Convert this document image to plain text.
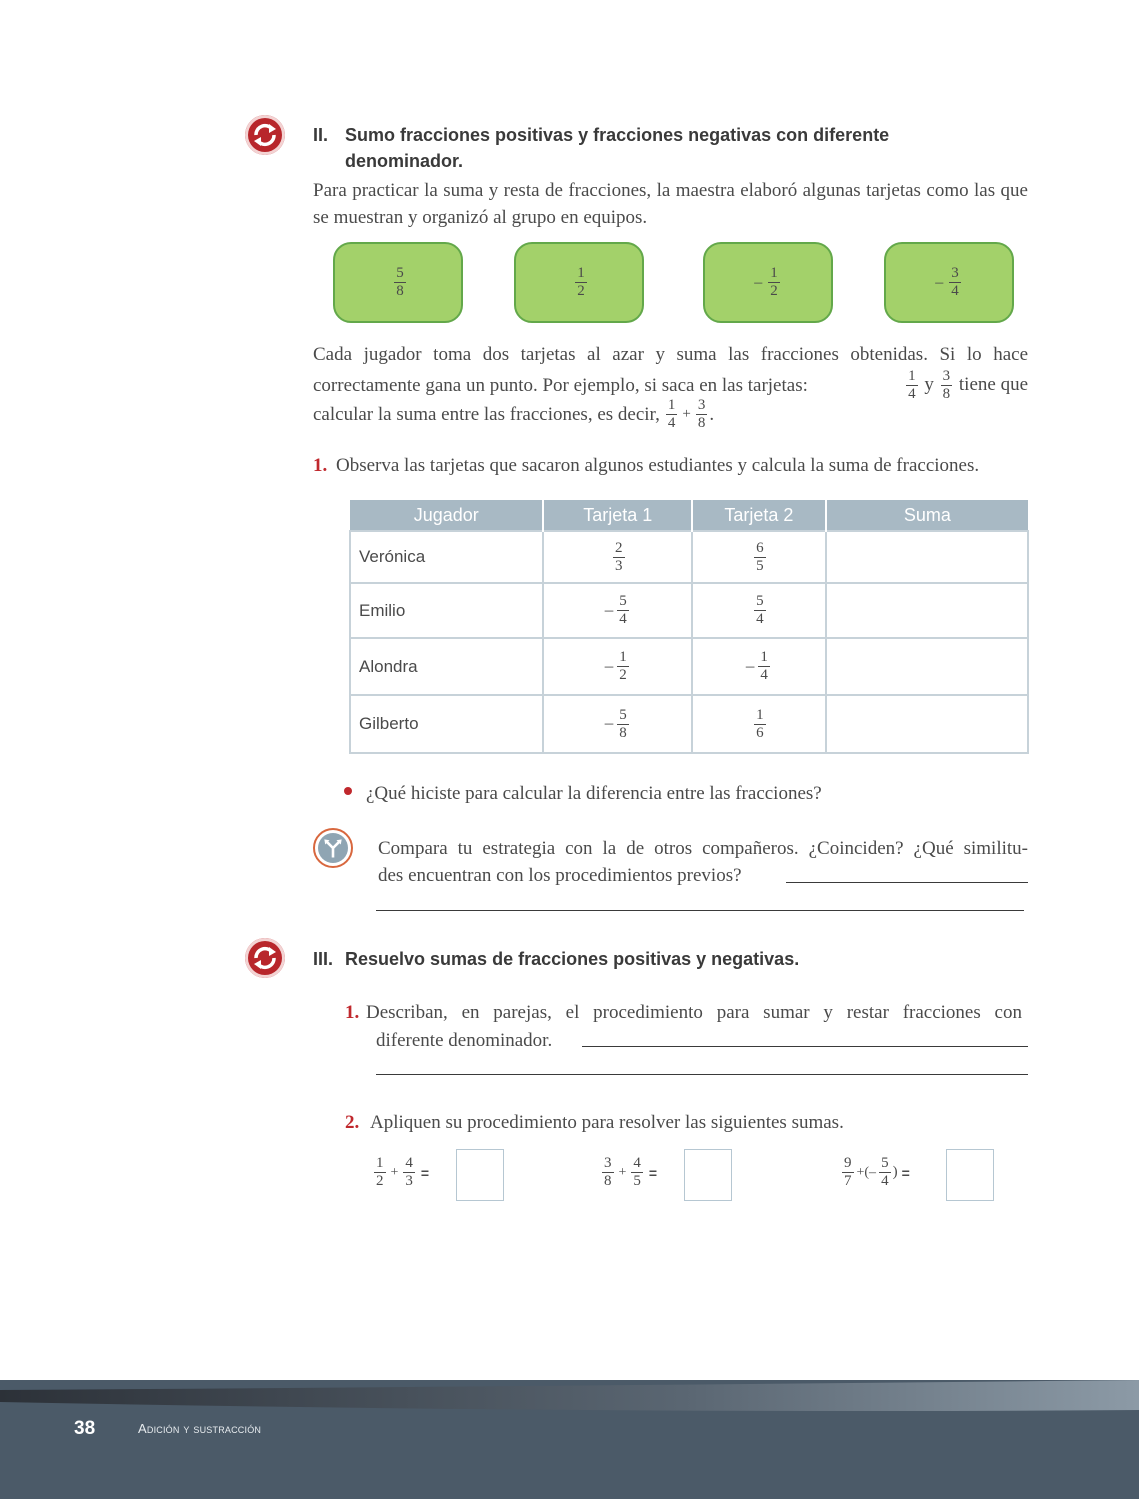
II. Sumo fracciones positivas y fracciones negativas con diferente
denominador.
Para practicar la suma y resta de fracciones, la maestra elaboró algunas tarjetas como las que se muestran y organizó al grupo en equipos.
$\frac{5}{8}$	$\frac{1}{2}$	– $\frac{1}{2}$	– $\frac{3}{4}$
Cada jugador toma dos tarjetas al azar y suma las fracciones obtenidas. Si lo hace
correctamente gana un punto. Por ejemplo, si saca en las tarjetas:	$\frac{1}{4}$ y $\frac{3}{8}$ tiene que
calcular la suma entre las fracciones, es decir, $\frac{1}{4} + \frac{3}{8}$ .
1. Observa las tarjetas que sacaron algunos estudiantes y calcula la suma de fracciones.
Jugador	Tarjeta 1	Tarjeta 2	Suma
Verónica	$\frac{2}{3}$	$\frac{6}{5}$

Emilio	– $\frac{5}{4}$	$\frac{5}{4}$

Alondra	– $\frac{1}{2}$	– $\frac{1}{4}$

Gilberto	– $\frac{5}{8}$	$\frac{1}{6}$

¿Qué hiciste para calcular la diferencia entre las fracciones?
Compara tu estrategia con la de otros compañeros. ¿Coinciden? ¿Qué similitu-
des encuentran con los procedimientos previos?
III. Resuelvo sumas de fracciones positivas y negativas.
1. Describan, en parejas, el procedimiento para sumar y restar fracciones con
diferente denominador.
2. Apliquen su procedimiento para resolver las siguientes sumas.
$\frac{1}{2} + \frac{4}{3}$ =	$\frac{3}{8} + \frac{4}{5}$ =	$\frac{9}{7}$ +(– $\frac{5}{4}$ ) =
38	Adición y sustracción
